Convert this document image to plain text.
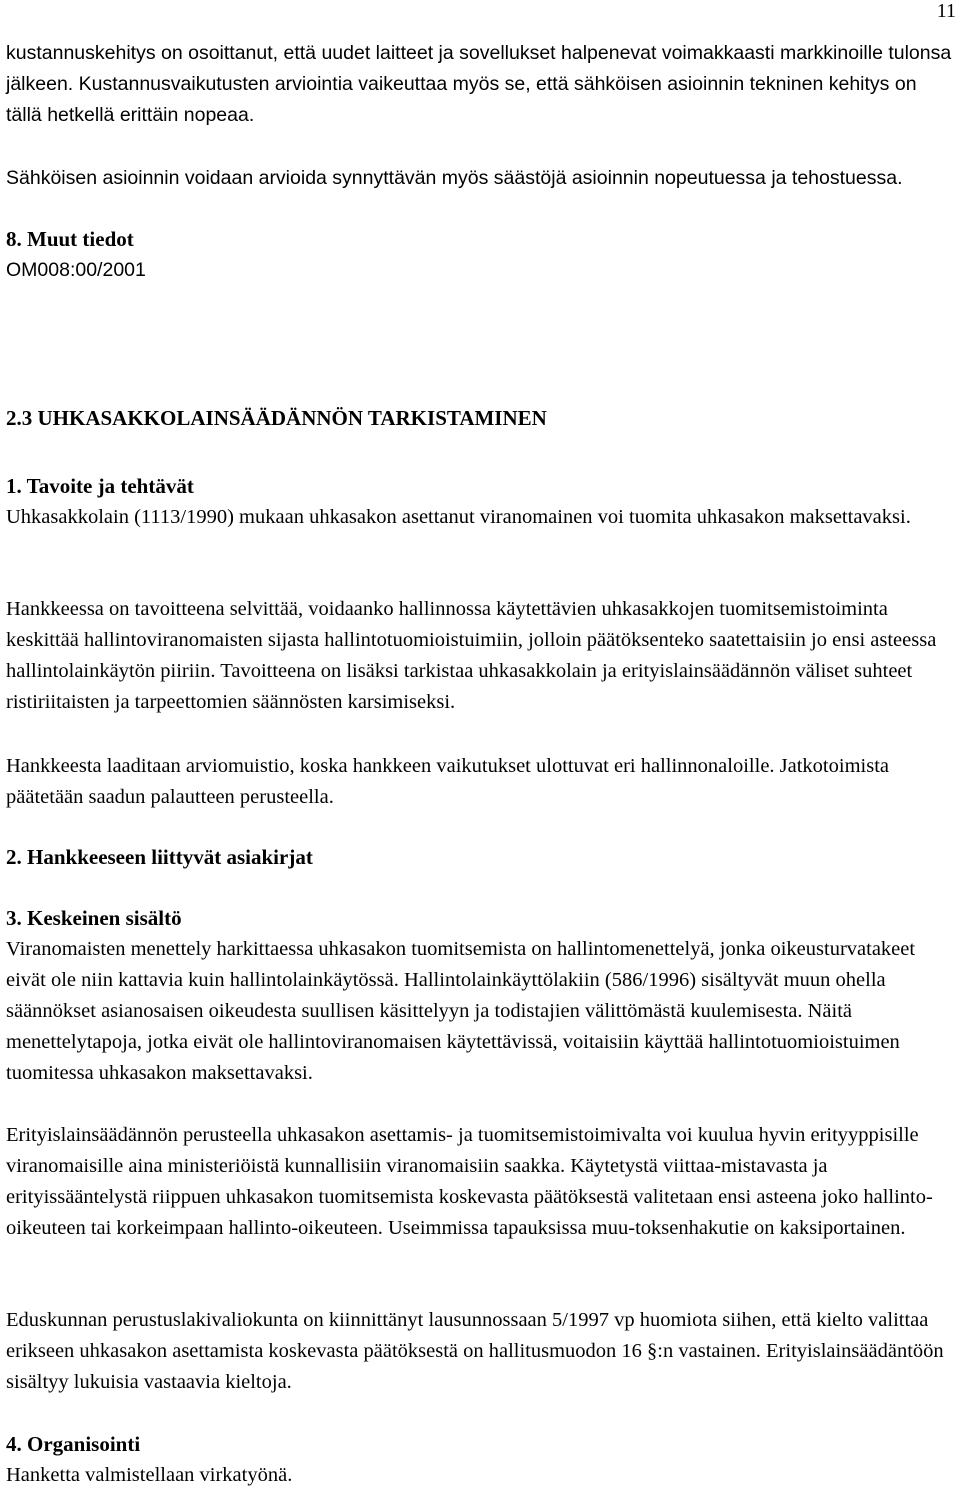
11
kustannuskehitys on osoittanut, että uudet laitteet ja sovellukset halpenevat voimakkaasti markkinoille tulonsa jälkeen. Kustannusvaikutusten arviointia vaikeuttaa myös se, että sähköisen asioinnin tekninen kehitys on tällä hetkellä erittäin nopeaa.
Sähköisen asioinnin voidaan arvioida synnyttävän myös säästöjä asioinnin nopeutuessa ja tehostuessa.
8. Muut tiedot
OM008:00/2001
2.3 UHKASAKKOLAINSÄÄDÄNNÖN TARKISTAMINEN
1. Tavoite ja tehtävät
Uhkasakkolain (1113/1990) mukaan uhkasakon asettanut viranomainen voi tuomita uhkasakon maksettavaksi.
Hankkeessa on tavoitteena selvittää, voidaanko hallinnossa käytettävien uhkasakkojen tuomitsemistoiminta keskittää hallintoviranomaisten sijasta hallintotuomioistuimiin, jolloin päätöksenteko saatettaisiin jo ensi asteessa hallintolainkäytön piiriin. Tavoitteena on lisäksi tarkistaa uhkasakkolain ja erityislainsäädännön väliset suhteet ristiriitaisten ja tarpeettomien säännösten karsimiseksi.
Hankkeesta laaditaan arviomuistio, koska hankkeen vaikutukset ulottuvat eri hallinnonaloille. Jatkotoimista päätetään saadun palautteen perusteella.
2. Hankkeeseen liittyvät asiakirjat
3. Keskeinen sisältö
Viranomaisten menettely harkittaessa uhkasakon tuomitsemista on hallintomenettelyä, jonka oikeusturvatakeet eivät ole niin kattavia kuin hallintolainkäytössä. Hallintolainkäyttölakiin (586/1996) sisältyvät muun ohella säännökset asianosaisen oikeudesta suullisen käsittelyyn ja todistajien välittömästä kuulemisesta. Näitä menettelytapoja, jotka eivät ole hallintoviranomaisen käytettävissä, voitaisiin käyttää hallintotuomioistuimen tuomitessa uhkasakon maksettavaksi.
Erityislainsäädännön perusteella uhkasakon asettamis- ja tuomitsemistoimivalta voi kuulua hyvin erityyppisille viranomaisille aina ministeriöistä kunnallisiin viranomaisiin saakka. Käytetystä viittaa-mistavasta ja erityissääntelystä riippuen uhkasakon tuomitsemista koskevasta päätöksestä valitetaan ensi asteena joko hallinto-oikeuteen tai korkeimpaan hallinto-oikeuteen. Useimmissa tapauksissa muu-toksenhakutie on kaksiportainen.
Eduskunnan perustuslakivaliokunta on kiinnittänyt lausunnossaan 5/1997 vp huomiota siihen, että kielto valittaa erikseen uhkasakon asettamista koskevasta päätöksestä on hallitusmuodon 16 §:n vastainen. Erityislainsäädäntöön sisältyy lukuisia vastaavia kieltoja.
4. Organisointi
Hanketta valmistellaan virkatyönä.
